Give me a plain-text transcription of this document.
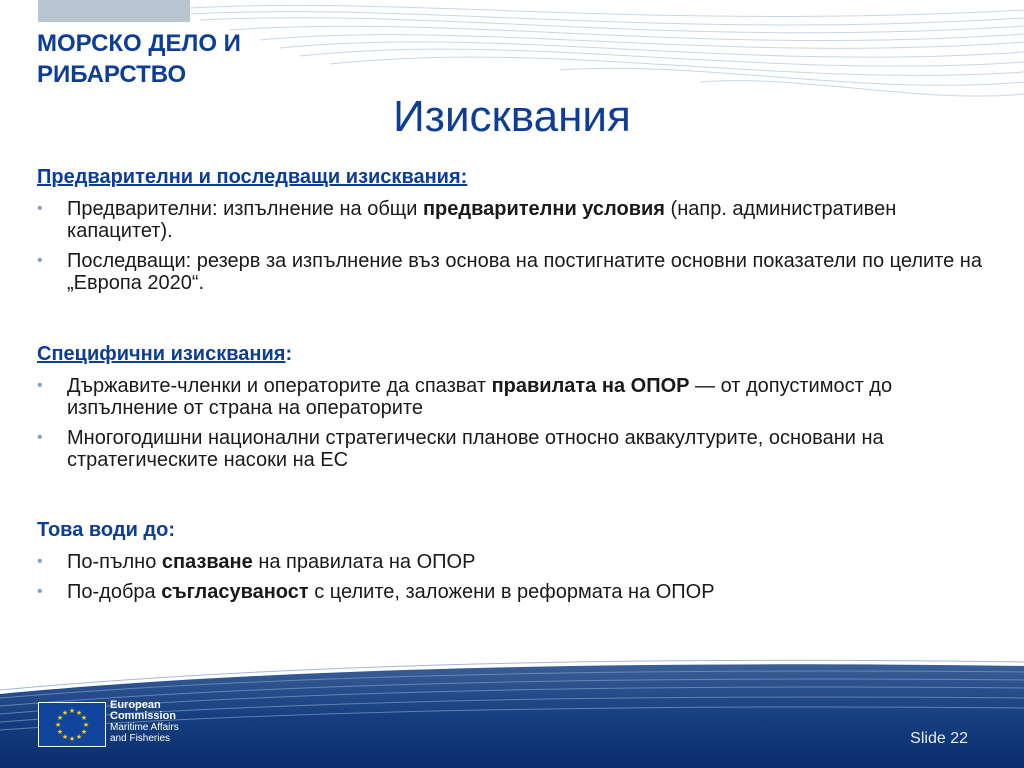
МОРСКО ДЕЛО И
РИБАРСТВО
Изисквания
Предварителни и последващи изисквания:
• Предварителни: изпълнение на общи предварителни условия (напр. административен капацитет).
• Последващи: резерв за изпълнение въз основа на постигнатите основни показатели по целите на „Европа 2020“.
Специфични изисквания:
• Държавите-членки и операторите да спазват правилата на ОПОР — от допустимост до изпълнение от страна на операторите
• Многогодишни национални стратегически планове относно аквакултурите, основани на стратегическите насоки на ЕС
Това води до:
• По-пълно спазване на правилата на ОПОР
• По-добра съгласуваност с целите, заложени в реформата на ОПОР
★ ★
★
★
★
★
★
★
★
★
★
★
European
Commission
Maritime Affairs
and Fisheries	Slide 22
